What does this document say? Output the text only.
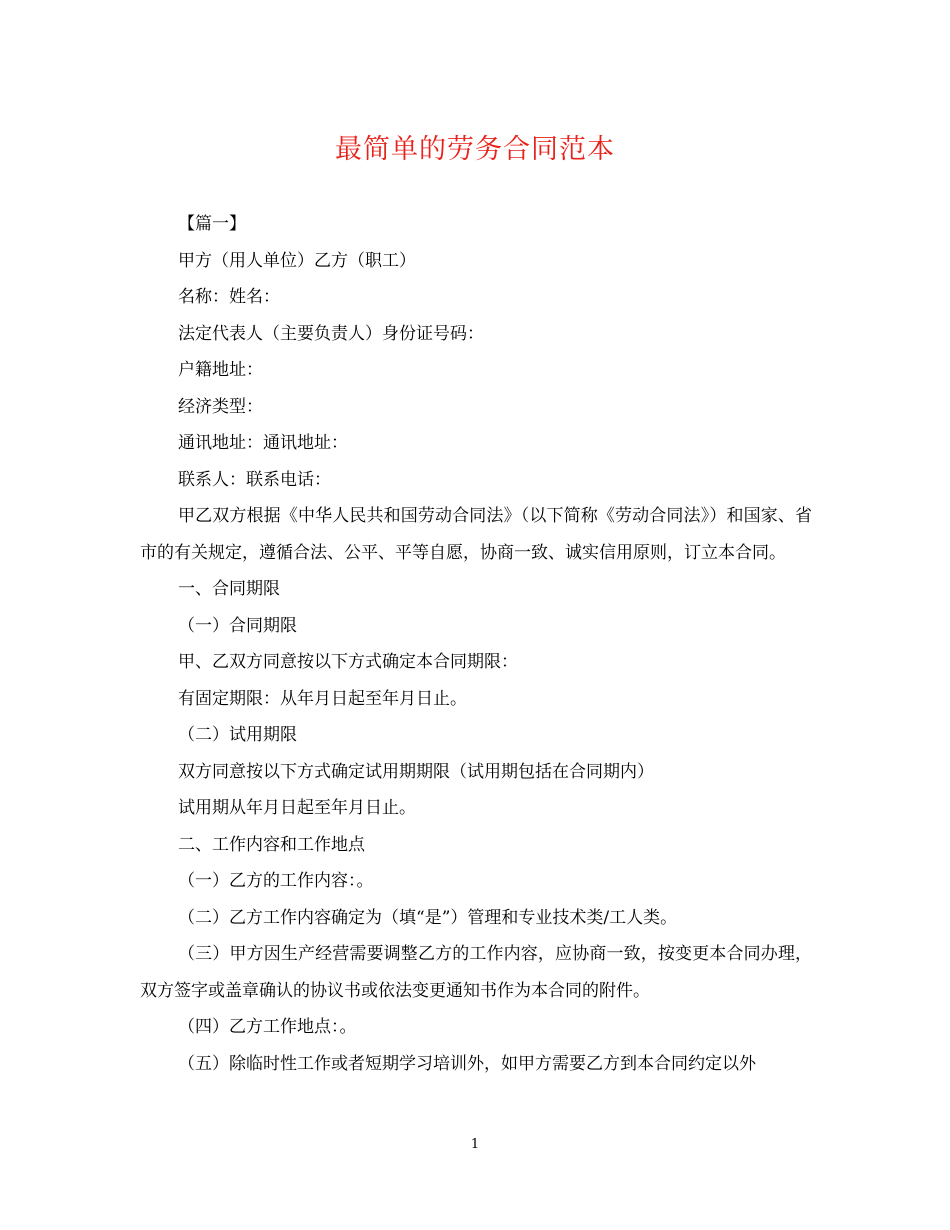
最简单的劳务合同范本

【篇一】

甲方（用人单位）乙方（职工）

名称：姓名：

法定代表人（主要负责人）身份证号码：

户籍地址：

经济类型：

通讯地址：通讯地址：

联系人：联系电话：

甲乙双方根据《中华人民共和国劳动合同法》（以下简称《劳动合同法》）和国家、省市的有关规定，遵循合法、公平、平等自愿，协商一致、诚实信用原则，订立本合同。

一、合同期限

（一）合同期限

甲、乙双方同意按以下方式确定本合同期限：

有固定期限：从年月日起至年月日止。

（二）试用期限

双方同意按以下方式确定试用期期限（试用期包括在合同期内）

试用期从年月日起至年月日止。

二、工作内容和工作地点

（一）乙方的工作内容：。

（二）乙方工作内容确定为（填“是”）管理和专业技术类/工人类。

（三）甲方因生产经营需要调整乙方的工作内容，应协商一致，按变更本合同办理，双方签字或盖章确认的协议书或依法变更通知书作为本合同的附件。

（四）乙方工作地点：。

（五）除临时性工作或者短期学习培训外，如甲方需要乙方到本合同约定以外

1
